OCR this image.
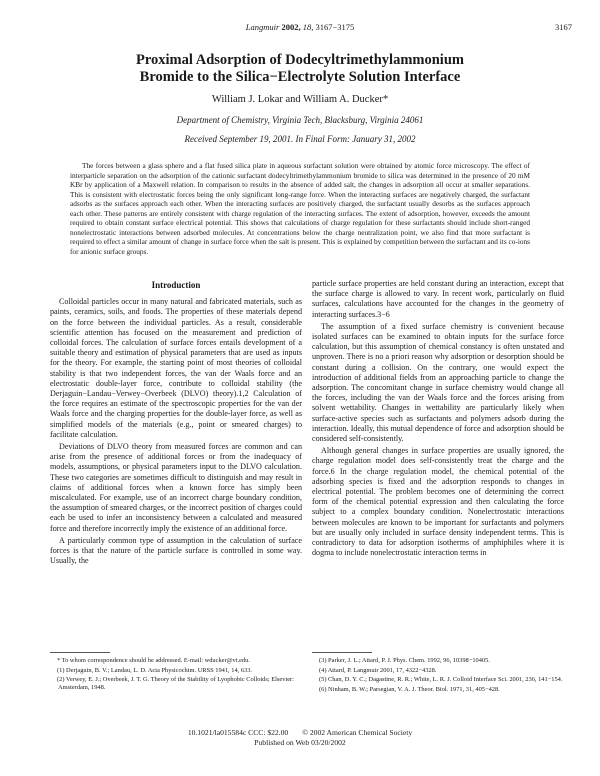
Langmuir 2002, 18, 3167−3175	3167
Proximal Adsorption of Dodecyltrimethylammonium
Bromide to the Silica−Electrolyte Solution Interface
William J. Lokar and William A. Ducker*
Department of Chemistry, Virginia Tech, Blacksburg, Virginia 24061
Received September 19, 2001. In Final Form: January 31, 2002

The forces between a glass sphere and a flat fused silica plate in aqueous surfactant solution were obtained by atomic force microscopy. The effect of interparticle separation on the adsorption of the cationic surfactant dodecyltrimethylammonium bromide to silica was determined in the presence of 20 mM KBr by application of a Maxwell relation. In comparison to results in the absence of added salt, the changes in adsorption all occur at smaller separations. This is consistent with electrostatic forces being the only significant long-range force. When the interacting surfaces are negatively charged, the surfactant adsorbs as the surfaces approach each other. When the interacting surfaces are positively charged, the surfactant usually desorbs as the surfaces approach each other. These patterns are entirely consistent with charge regulation of the interacting surfaces. The extent of adsorption, however, exceeds the amount required to obtain constant surface electrical potential. This shows that calculations of charge regulation for these surfactants should include short-ranged nonelectrostatic interactions between adsorbed molecules. At concentrations below the charge neutralization point, we also find that more surfactant is required to effect a similar amount of change in surface force when the salt is present. This is explained by competition between the surfactant and its co-ions for anionic surface groups.

Introduction

Colloidal particles occur in many natural and fabricated materials, such as paints, ceramics, soils, and foods. The properties of these materials depend on the force between the individual particles. As a result, considerable scientific attention has focused on the measurement and prediction of colloidal forces. The calculation of surface forces entails development of a suitable theory and estimation of physical parameters that are used as inputs for the theory. For example, the starting point of most theories of colloidal stability is that two independent forces, the van der Waals force and an electrostatic double-layer force, contribute to colloidal stability (the Derjaguin−Landau−Verwey−Overbeek (DLVO) theory).1,2 Calculation of the force requires an estimate of the spectroscopic properties for the van der Waals force and the charging properties for the double-layer force, as well as simplified models of the materials (e.g., point or smeared charges) to facilitate calculation.

Deviations of DLVO theory from measured forces are common and can arise from the presence of additional forces or from the inadequacy of models, assumptions, or physical parameters input to the DLVO calculation. These two categories are sometimes difficult to distinguish and may result in claims of additional forces when a known force has simply been miscalculated. For example, use of an incorrect charge boundary condition, the assumption of smeared charges, or the incorrect position of charges could each be used to infer an inconsistency between a calculated and measured force and therefore incorrectly imply the existence of an additional force.

A particularly common type of assumption in the calculation of surface forces is that the nature of the particle surface is controlled in some way. Usually, the

particle surface properties are held constant during an interaction, except that the surface charge is allowed to vary. In recent work, particularly on fluid surfaces, calculations have accounted for the changes in the geometry of interacting surfaces.3−6

The assumption of a fixed surface chemistry is convenient because isolated surfaces can be examined to obtain inputs for the surface force calculation, but this assumption of chemical constancy is often unstated and unproven. There is no a priori reason why adsorption or desorption should be constant during a collision. On the contrary, one would expect the introduction of additional fields from an approaching particle to change the adsorption. The concomitant change in surface chemistry would change all the forces, including the van der Waals force and the forces arising from solvent wettability. Changes in wettability are particularly likely when surface-active species such as surfactants and polymers adsorb during the interaction. Ideally, this mutual dependence of force and adsorption should be considered self-consistently.

Although general changes in surface properties are usually ignored, the charge regulation model does self-consistently treat the charge and the force.6 In the charge regulation model, the chemical potential of the adsorbing species is fixed and the adsorption responds to changes in electrical potential. The problem becomes one of determining the correct form of the chemical potential expression and then calculating the force subject to a complex boundary condition. Nonelectrostatic interactions between molecules are known to be important for surfactants and polymers but are usually only included in surface density independent terms. This is contradictory to data for adsorption isotherms of amphiphiles where it is dogma to include nonelectrostatic interaction terms in

* To whom correspondence should be addressed. E-mail: wducker@vt.edu.

(1) Derjaguin, B. V.; Landau, L. D. Acta Physicochim. URSS 1941, 14, 633.

(2) Verwey, E. J.; Overbeek, J. T. G. Theory of the Stability of Lyophobic Colloids; Elsevier: Amsterdam, 1948.

(3) Parker, J. L.; Attard, P. J. Phys. Chem. 1992, 96, 10398−10405.

(4) Attard, P. Langmuir 2001, 17, 4322−4328.

(5) Chan, D. Y. C.; Dagastine, R. R.; White, L. R. J. Colloid Interface Sci. 2001, 236, 141−154.

(6) Ninham, B. W.; Parsegian, V. A. J. Theor. Biol. 1971, 31, 405−428.

10.1021/la015584c CCC: $22.00 © 2002 American Chemical Society
Published on Web 03/20/2002
